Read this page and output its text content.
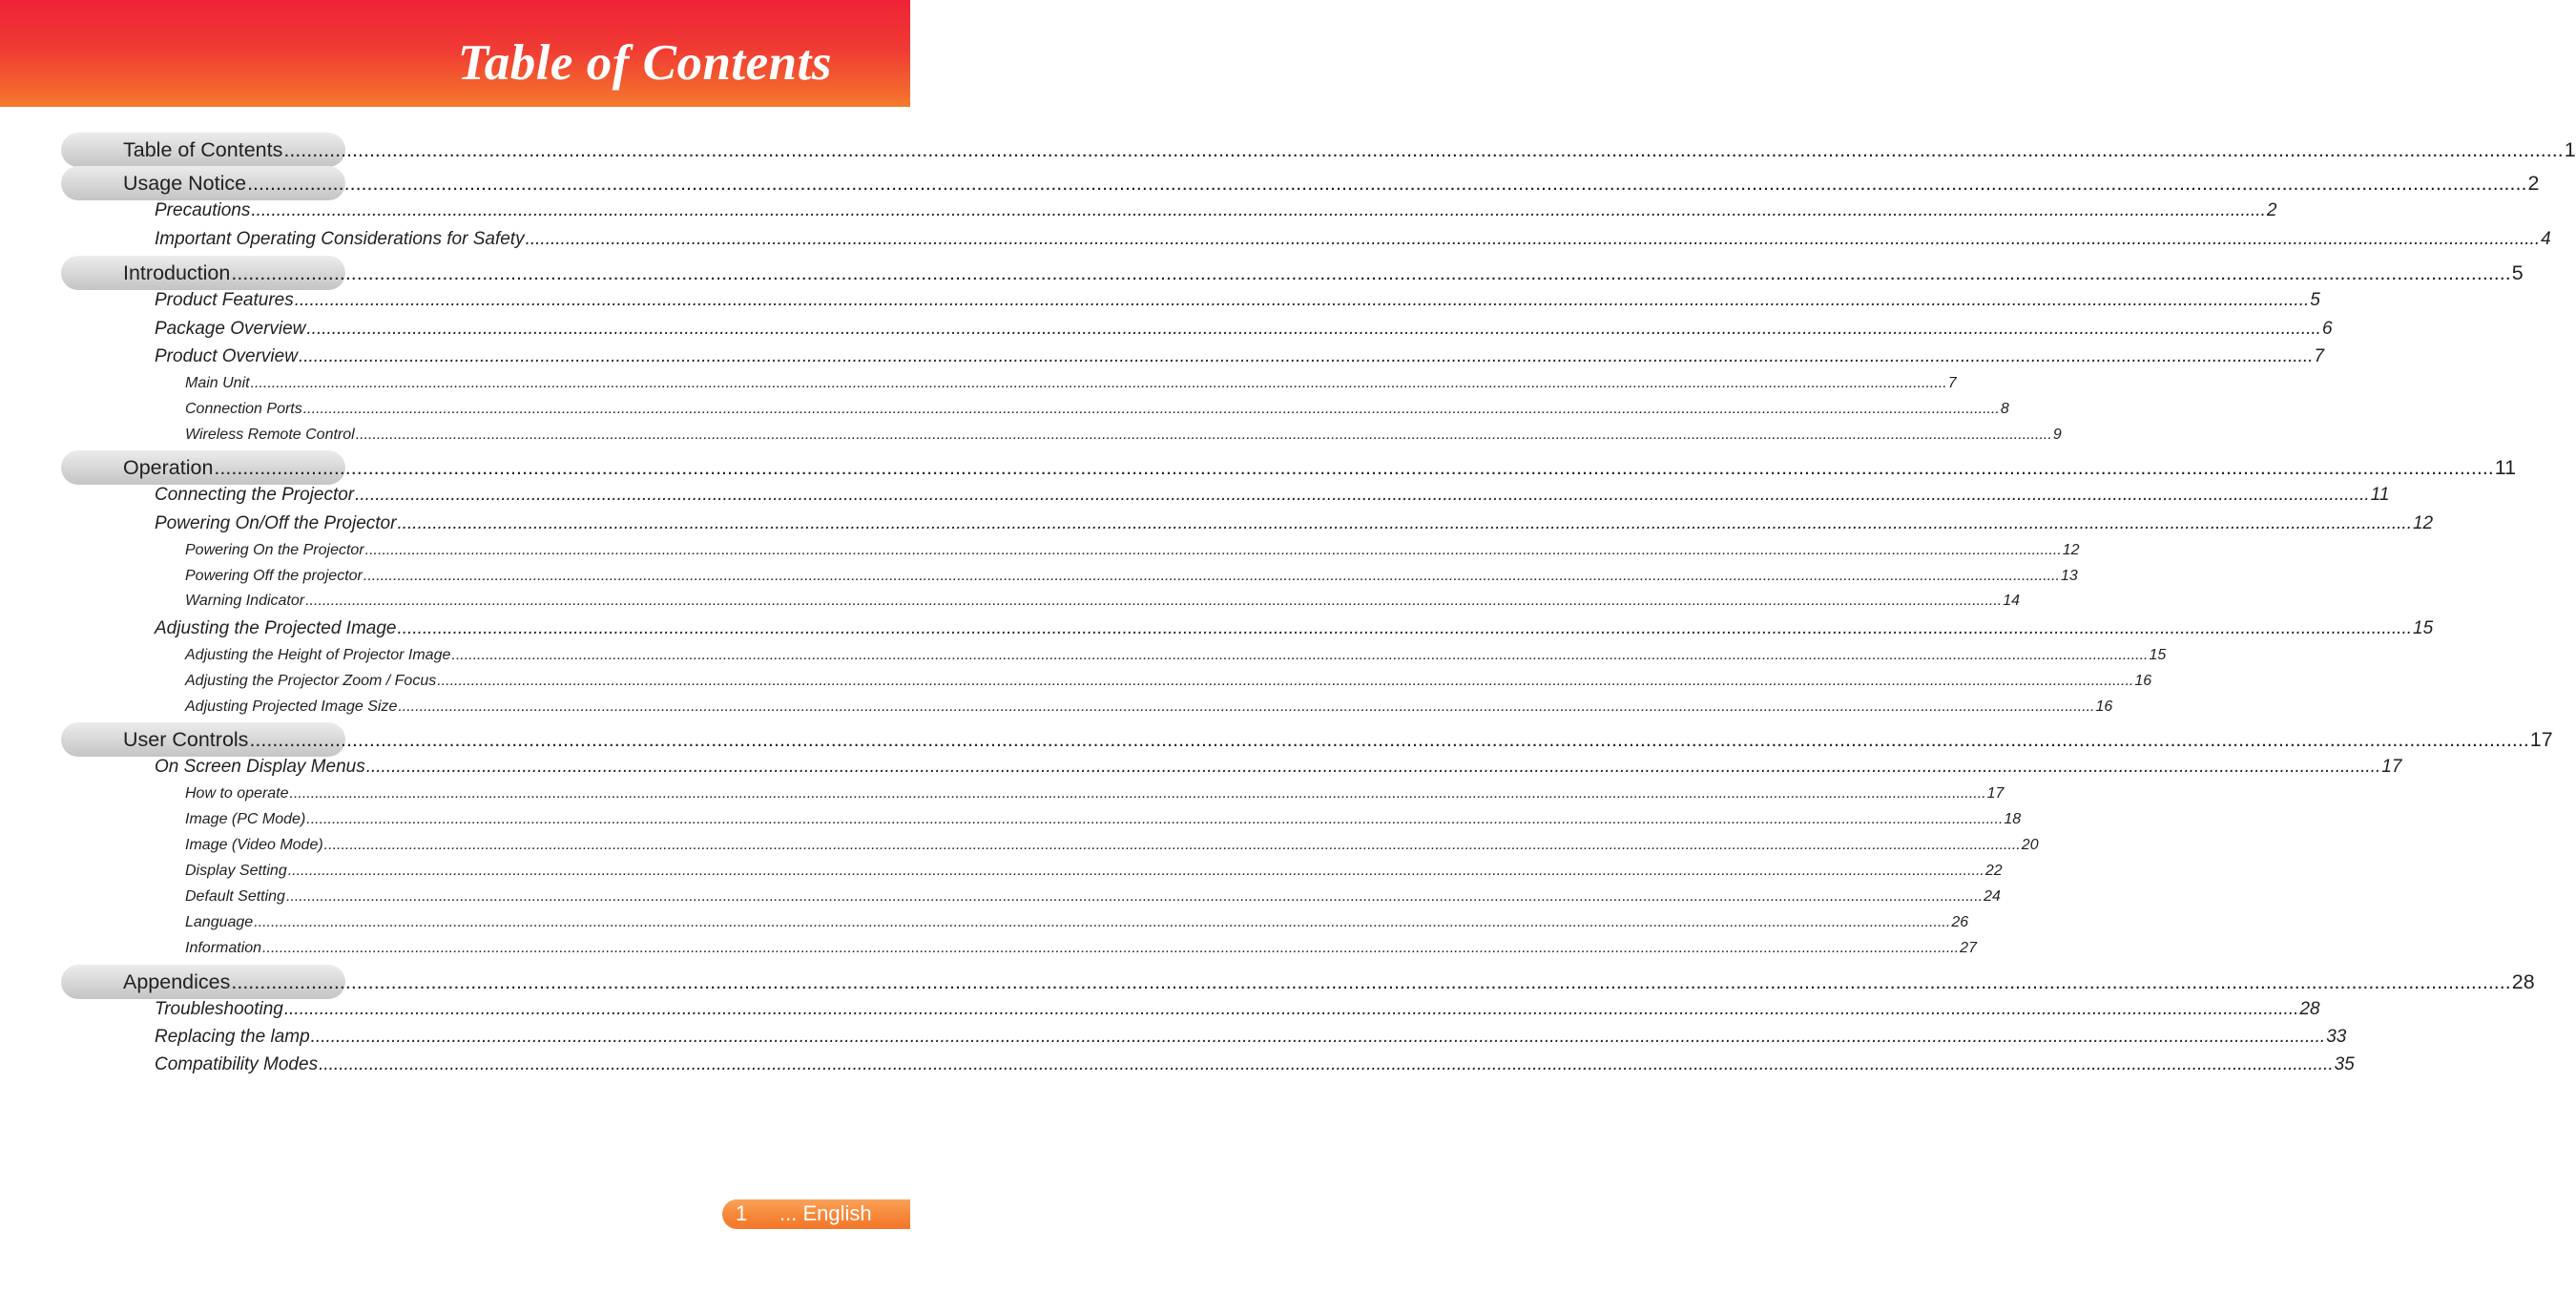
Table of Contents
Table of Contents ................................................................................................................................................................................................................................................................................................................................................................................................................ 1
Usage Notice ................................................................................................................................................................................................................................................................................................................................................................................................................ 2
Precautions ................................................................................................................................................................................................................................................................................................................................................................................................................ 2
Important Operating Considerations for Safety ................................................................................................................................................................................................................................................................................................................................................................................................................ 4
Introduction ................................................................................................................................................................................................................................................................................................................................................................................................................ 5
Product Features ................................................................................................................................................................................................................................................................................................................................................................................................................ 5
Package Overview ................................................................................................................................................................................................................................................................................................................................................................................................................ 6
Product Overview ................................................................................................................................................................................................................................................................................................................................................................................................................ 7
Main Unit ................................................................................................................................................................................................................................................................................................................................................................................................................ 7
Connection Ports ................................................................................................................................................................................................................................................................................................................................................................................................................ 8
Wireless Remote Control ................................................................................................................................................................................................................................................................................................................................................................................................................ 9
Operation ................................................................................................................................................................................................................................................................................................................................................................................................................ 11
Connecting the Projector ................................................................................................................................................................................................................................................................................................................................................................................................................ 11
Powering On/Off the Projector ................................................................................................................................................................................................................................................................................................................................................................................................................ 12
Powering On the Projector ................................................................................................................................................................................................................................................................................................................................................................................................................ 12
Powering Off the projector ................................................................................................................................................................................................................................................................................................................................................................................................................ 13
Warning Indicator ................................................................................................................................................................................................................................................................................................................................................................................................................ 14
Adjusting the Projected Image ................................................................................................................................................................................................................................................................................................................................................................................................................ 15
Adjusting the Height of Projector Image ................................................................................................................................................................................................................................................................................................................................................................................................................ 15
Adjusting the Projector Zoom / Focus ................................................................................................................................................................................................................................................................................................................................................................................................................ 16
Adjusting Projected Image Size ................................................................................................................................................................................................................................................................................................................................................................................................................ 16
User Controls ................................................................................................................................................................................................................................................................................................................................................................................................................ 17
On Screen Display Menus ................................................................................................................................................................................................................................................................................................................................................................................................................ 17
How to operate ................................................................................................................................................................................................................................................................................................................................................................................................................ 17
Image (PC Mode) ................................................................................................................................................................................................................................................................................................................................................................................................................ 18
Image (Video Mode) ................................................................................................................................................................................................................................................................................................................................................................................................................ 20
Display Setting ................................................................................................................................................................................................................................................................................................................................................................................................................ 22
Default Setting ................................................................................................................................................................................................................................................................................................................................................................................................................ 24
Language ................................................................................................................................................................................................................................................................................................................................................................................................................ 26
Information ................................................................................................................................................................................................................................................................................................................................................................................................................ 27
Appendices ................................................................................................................................................................................................................................................................................................................................................................................................................ 28
Troubleshooting ................................................................................................................................................................................................................................................................................................................................................................................................................ 28
Replacing the lamp ................................................................................................................................................................................................................................................................................................................................................................................................................ 33
Compatibility Modes ................................................................................................................................................................................................................................................................................................................................................................................................................ 35
1 ... English
